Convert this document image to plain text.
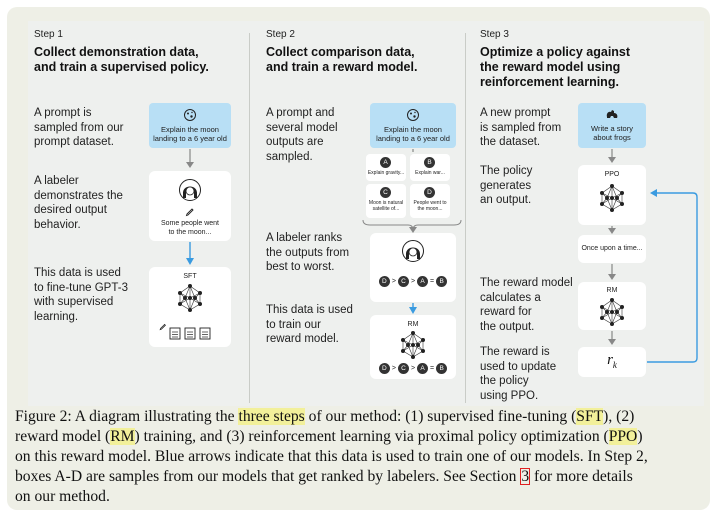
Step 1
Collect demonstration data,
and train a supervised policy.
A prompt is
sampled from our
prompt dataset.
A labeler
demonstrates the
desired output
behavior.
This data is used
to fine-tune GPT-3
with supervised
learning.
Explain the moon
landing to a 6 year old
Some people went
to the moon...
SFT
Step 2
Collect comparison data,
and train a reward model.
A prompt and
several model
outputs are
sampled.
A labeler ranks
the outputs from
best to worst.
This data is used
to train our
reward model.
Explain the moon
landing to a 6 year old
A
Explain gravity...
B
Explain war...
C
Moon is natural
satellite of...
D
People went to
the moon...
D > C > A = B
RM
D > C > A = B
Step 3
Optimize a policy against
the reward model using
reinforcement learning.
A new prompt
is sampled from
the dataset.
The policy
generates
an output.
The reward model
calculates a
reward for
the output.
The reward is
used to update
the policy
using PPO.
Write a story
about frogs
PPO
Once upon a time...
RM
$r_k$
Figure 2: A diagram illustrating the three steps of our method: (1) supervised fine-tuning (SFT), (2)
reward model (RM) training, and (3) reinforcement learning via proximal policy optimization (PPO)
on this reward model. Blue arrows indicate that this data is used to train one of our models. In Step 2,
boxes A-D are samples from our models that get ranked by labelers. See Section 3 for more details
on our method.
